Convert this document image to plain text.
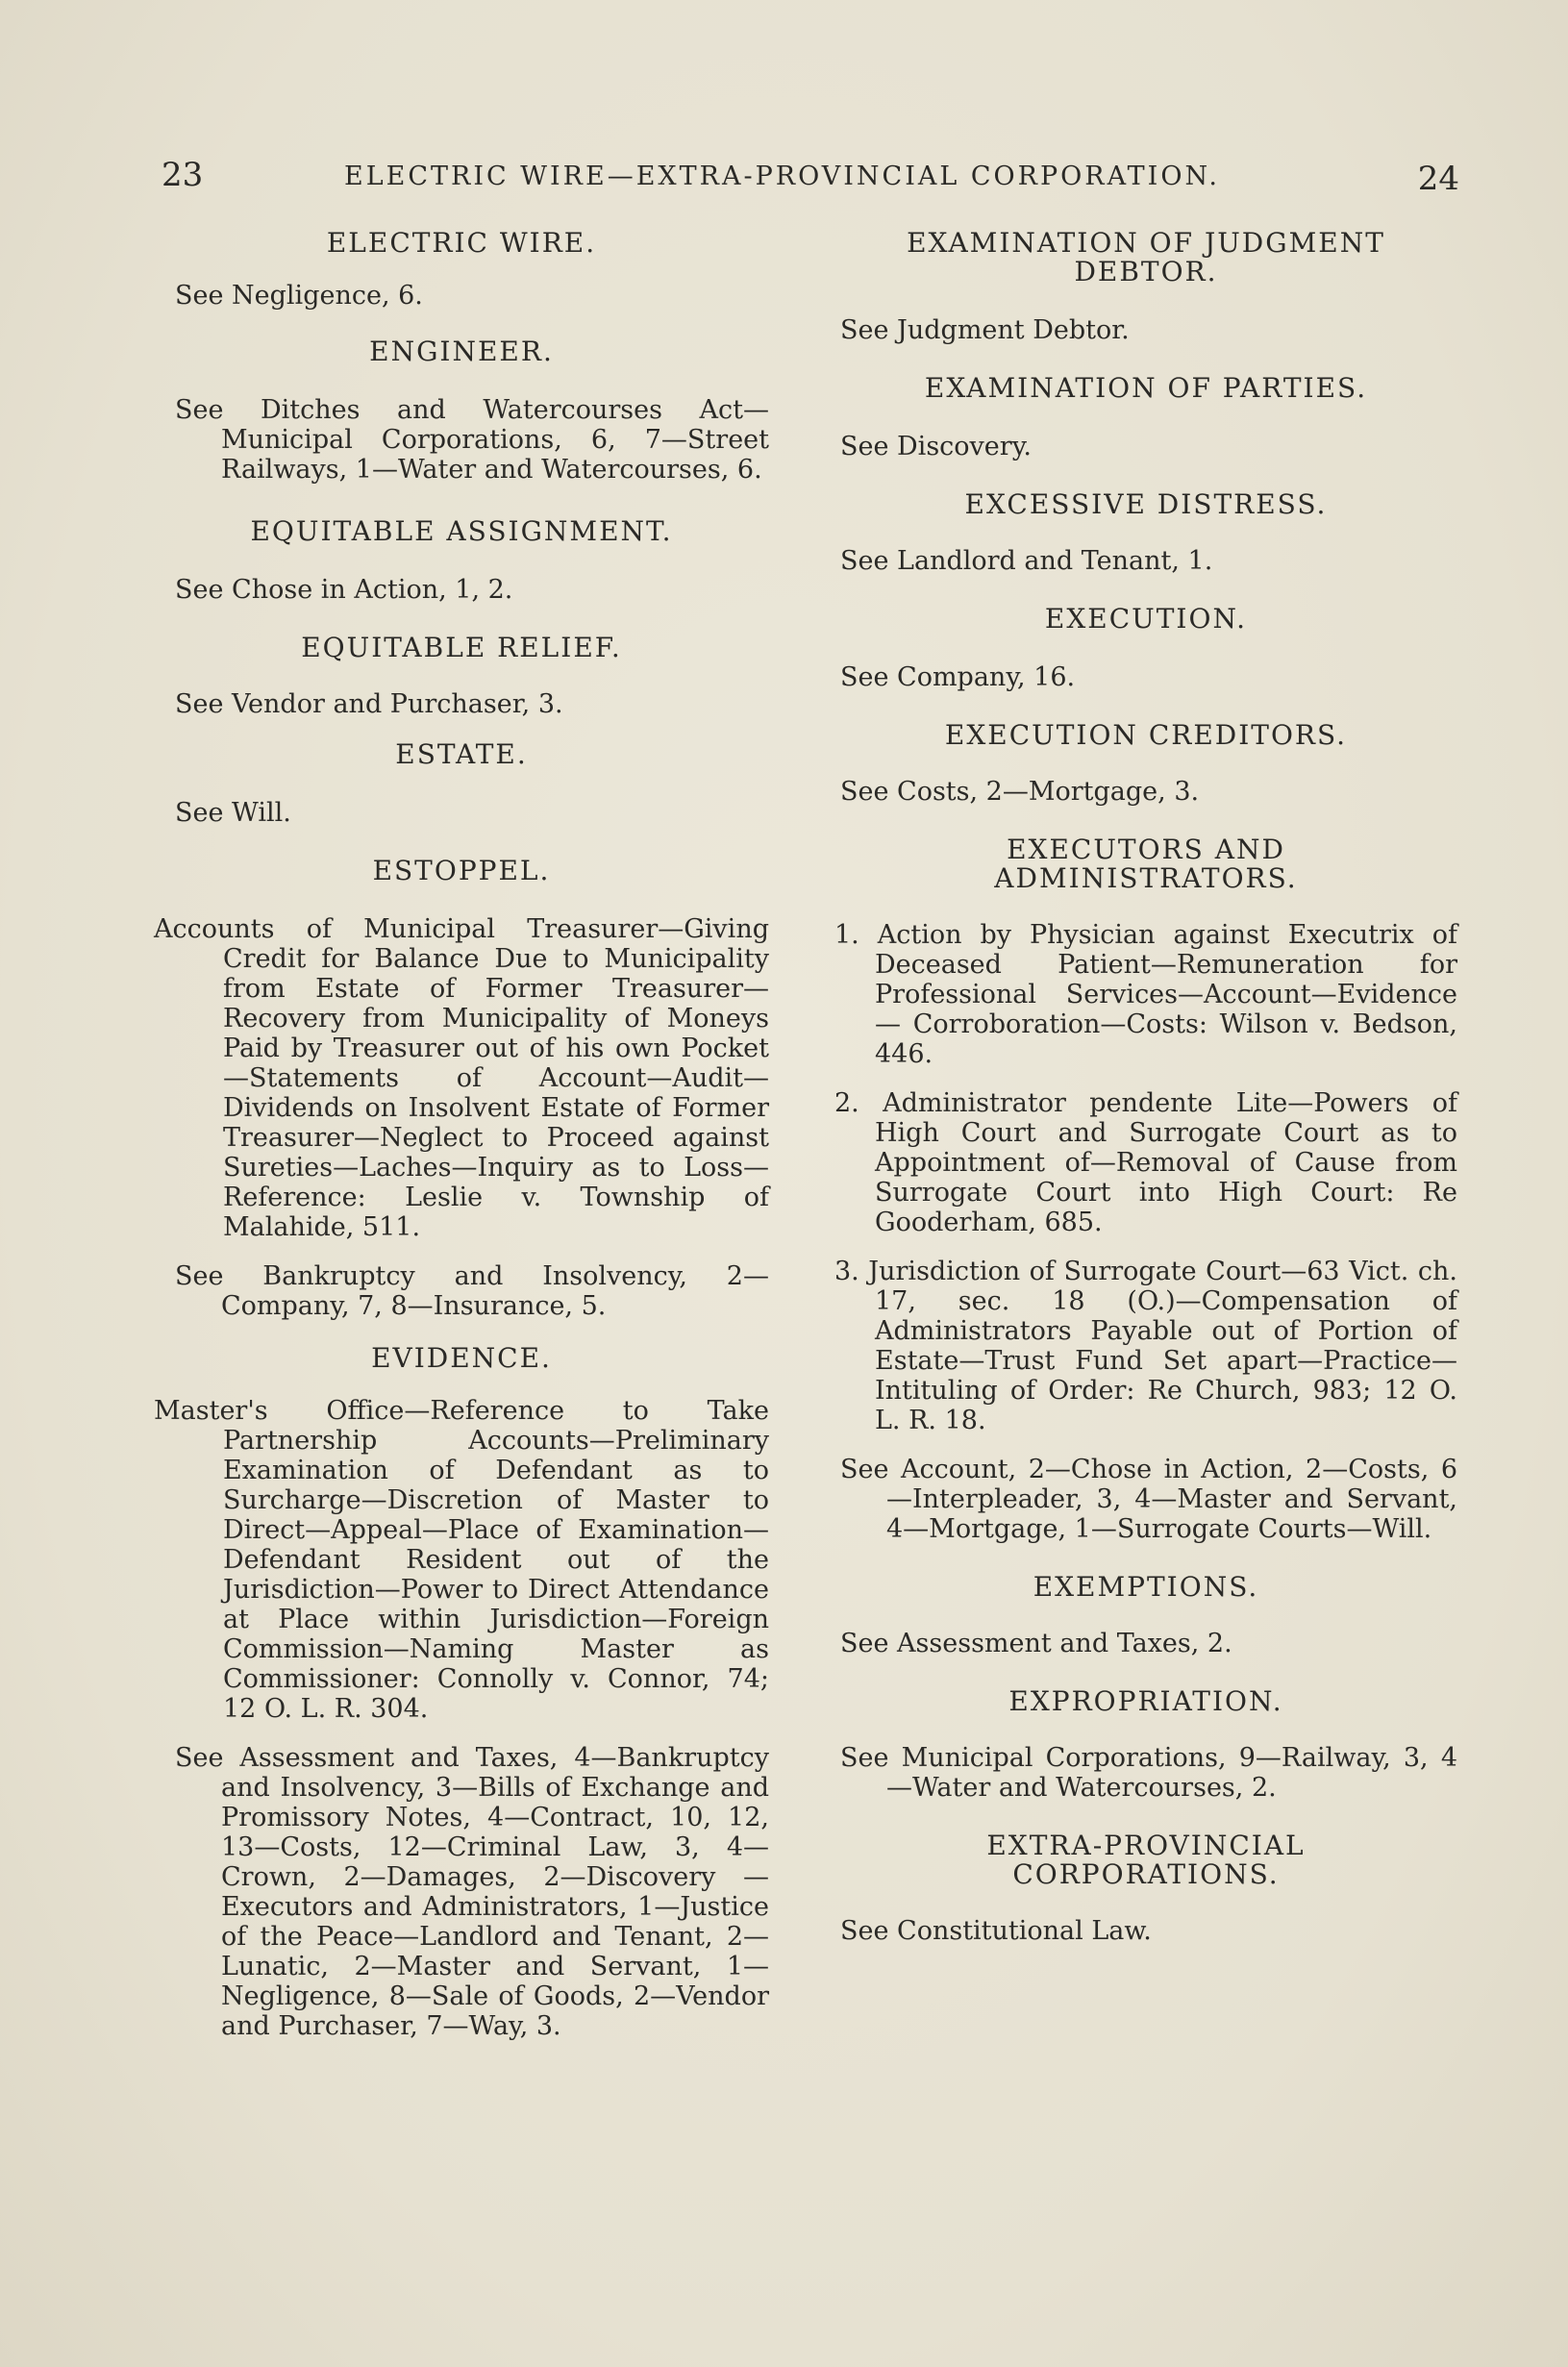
23	ELECTRIC WIRE—EXTRA-PROVINCIAL CORPORATION.	24

ELECTRIC WIRE.

See Negligence, 6.

ENGINEER.

See Ditches and Watercourses Act—Municipal Corporations, 6, 7—Street Railways, 1—Water and Watercourses, 6.

EQUITABLE ASSIGNMENT.

See Chose in Action, 1, 2.

EQUITABLE RELIEF.

See Vendor and Purchaser, 3.

ESTATE.

See Will.

ESTOPPEL.

Accounts of Municipal Treasurer—Giving Credit for Balance Due to Municipality from Estate of Former Treasurer—Recovery from Municipality of Moneys Paid by Treasurer out of his own Pocket—Statements of Account—Audit—Dividends on Insolvent Estate of Former Treasurer—Neglect to Proceed against Sureties—Laches—Inquiry as to Loss—Reference: Leslie v. Township of Malahide, 511.

See Bankruptcy and Insolvency, 2—Company, 7, 8—Insurance, 5.

EVIDENCE.

Master's Office—Reference to Take Partnership Accounts—Preliminary Examination of Defendant as to Surcharge—Discretion of Master to Direct—Appeal—Place of Examination—Defendant Resident out of the Jurisdiction—Power to Direct Attendance at Place within Jurisdiction—Foreign Commission—Naming Master as Commissioner: Connolly v. Connor, 74; 12 O. L. R. 304.

See Assessment and Taxes, 4—Bankruptcy and Insolvency, 3—Bills of Exchange and Promissory Notes, 4—Contract, 10, 12, 13—Costs, 12—Criminal Law, 3, 4—Crown, 2—Damages, 2—Discovery — Executors and Administrators, 1—Justice of the Peace—Landlord and Tenant, 2—Lunatic, 2—Master and Servant, 1—Negligence, 8—Sale of Goods, 2—Vendor and Purchaser, 7—Way, 3.

EXAMINATION OF JUDGMENT DEBTOR.

See Judgment Debtor.

EXAMINATION OF PARTIES.

See Discovery.

EXCESSIVE DISTRESS.

See Landlord and Tenant, 1.

EXECUTION.

See Company, 16.

EXECUTION CREDITORS.

See Costs, 2—Mortgage, 3.

EXECUTORS AND ADMINISTRATORS.

1. Action by Physician against Executrix of Deceased Patient—Remuneration for Professional Services—Account—Evidence — Corroboration—Costs: Wilson v. Bedson, 446.

2. Administrator pendente Lite—Powers of High Court and Surrogate Court as to Appointment of—Removal of Cause from Surrogate Court into High Court: Re Gooderham, 685.

3. Jurisdiction of Surrogate Court—63 Vict. ch. 17, sec. 18 (O.)—Compensation of Administrators Payable out of Portion of Estate—Trust Fund Set apart—Practice—Intituling of Order: Re Church, 983; 12 O. L. R. 18.

See Account, 2—Chose in Action, 2—Costs, 6—Interpleader, 3, 4—Master and Servant, 4—Mortgage, 1—Surrogate Courts—Will.

EXEMPTIONS.

See Assessment and Taxes, 2.

EXPROPRIATION.

See Municipal Corporations, 9—Railway, 3, 4—Water and Watercourses, 2.

EXTRA-PROVINCIAL CORPORATIONS.

See Constitutional Law.
